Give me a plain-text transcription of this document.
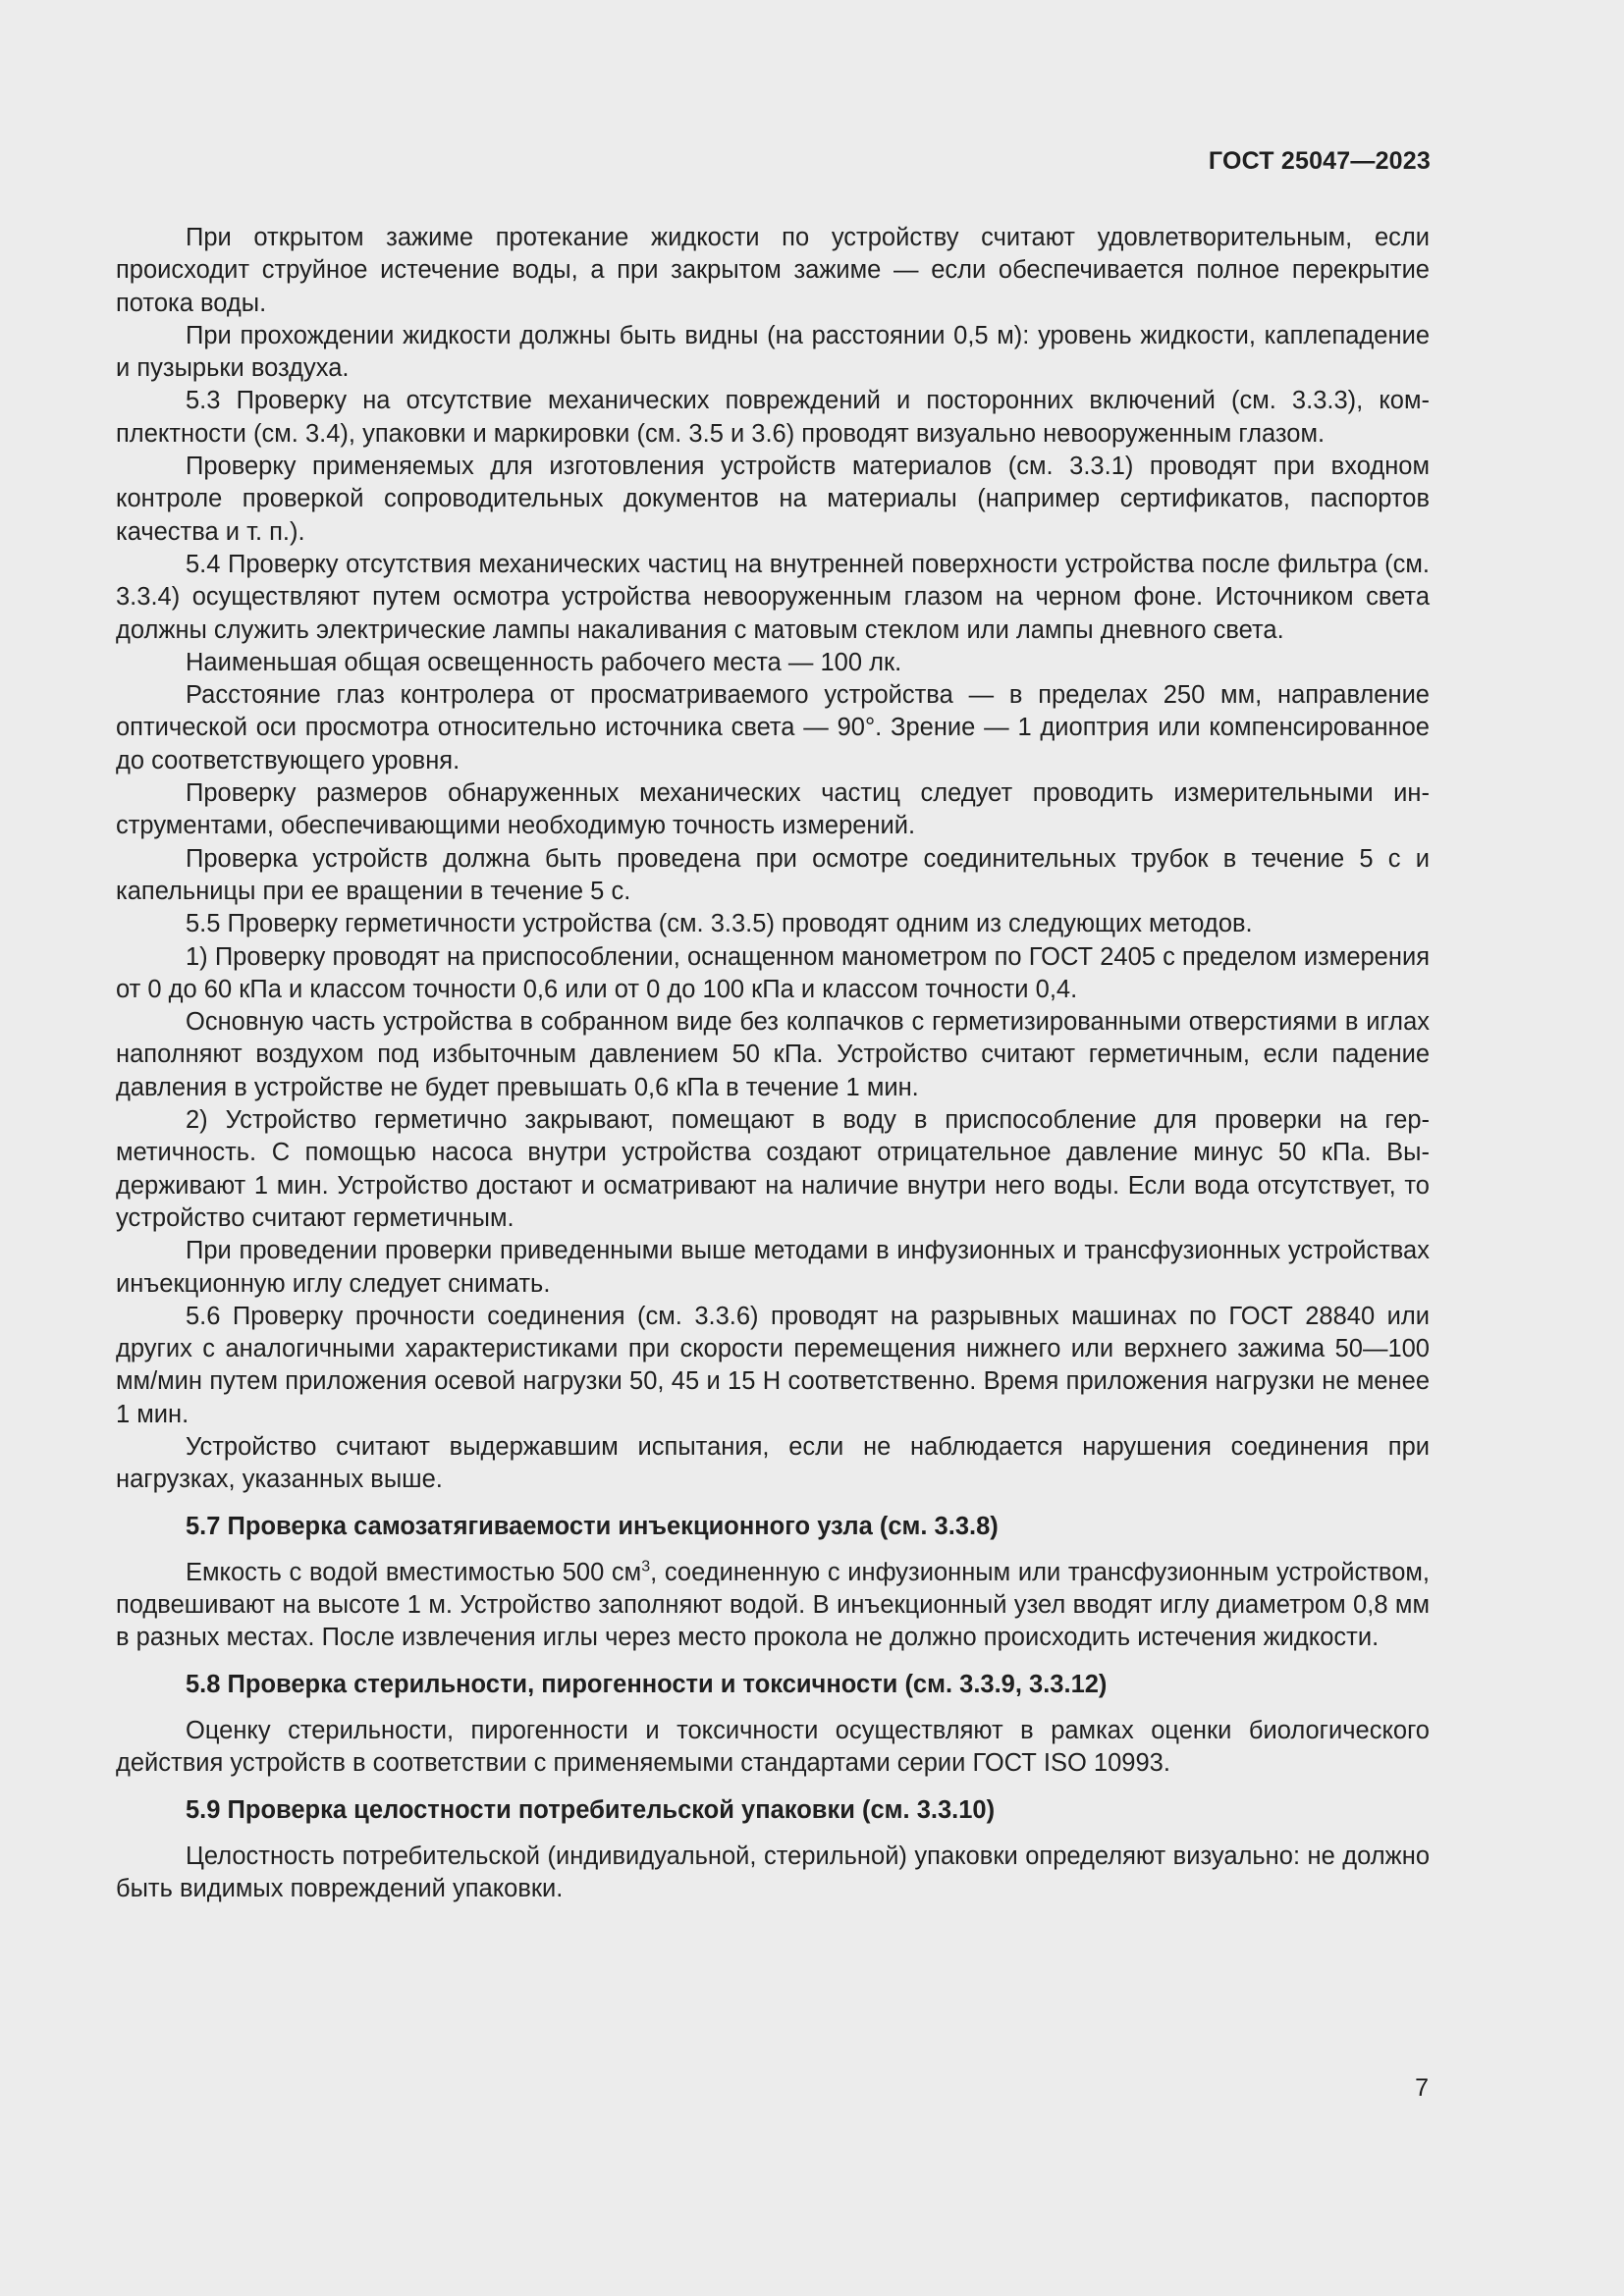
ГОСТ 25047—2023

При открытом зажиме протекание жидкости по устройству считают удовлетворительным, если происходит струйное истечение воды, а при закрытом зажиме — если обеспечивается полное перекрытие потока воды.

При прохождении жидкости должны быть видны (на расстоянии 0,5 м): уровень жидкости, каплепадение и пузырьки воздуха.

5.3 Проверку на отсутствие механических повреждений и посторонних включений (см. 3.3.3), комплектности (см. 3.4), упаковки и маркировки (см. 3.5 и 3.6) проводят визуально невооруженным глазом.

Проверку применяемых для изготовления устройств материалов (см. 3.3.1) проводят при входном контроле проверкой сопроводительных документов на материалы (например сертификатов, паспортов качества и т. п.).

5.4 Проверку отсутствия механических частиц на внутренней поверхности устройства после фильтра (см. 3.3.4) осуществляют путем осмотра устройства невооруженным глазом на черном фоне. Источником света должны служить электрические лампы накаливания с матовым стеклом или лампы дневного света.

Наименьшая общая освещенность рабочего места — 100 лк.

Расстояние глаз контролера от просматриваемого устройства — в пределах 250 мм, направление оптической оси просмотра относительно источника света — 90°. Зрение — 1 диоптрия или компенсированное до соответствующего уровня.

Проверку размеров обнаруженных механических частиц следует проводить измерительными инструментами, обеспечивающими необходимую точность измерений.

Проверка устройств должна быть проведена при осмотре соединительных трубок в течение 5 с и капельницы при ее вращении в течение 5 с.

5.5 Проверку герметичности устройства (см. 3.3.5) проводят одним из следующих методов.

1) Проверку проводят на приспособлении, оснащенном манометром по ГОСТ 2405 с пределом измерения от 0 до 60 кПа и классом точности 0,6 или от 0 до 100 кПа и классом точности 0,4.

Основную часть устройства в собранном виде без колпачков с герметизированными отверстиями в иглах наполняют воздухом под избыточным давлением 50 кПа. Устройство считают герметичным, если падение давления в устройстве не будет превышать 0,6 кПа в течение 1 мин.

2) Устройство герметично закрывают, помещают в воду в приспособление для проверки на герметичность. С помощью насоса внутри устройства создают отрицательное давление минус 50 кПа. Выдерживают 1 мин. Устройство достают и осматривают на наличие внутри него воды. Если вода отсутствует, то устройство считают герметичным.

При проведении проверки приведенными выше методами в инфузионных и трансфузионных устройствах инъекционную иглу следует снимать.

5.6 Проверку прочности соединения (см. 3.3.6) проводят на разрывных машинах по ГОСТ 28840 или других с аналогичными характеристиками при скорости перемещения нижнего или верхнего зажима 50—100 мм/мин путем приложения осевой нагрузки 50, 45 и 15 Н соответственно. Время приложения нагрузки не менее 1 мин.

Устройство считают выдержавшим испытания, если не наблюдается нарушения соединения при нагрузках, указанных выше.

5.7 Проверка самозатягиваемости инъекционного узла (см. 3.3.8)

Емкость с водой вместимостью 500 $см^3$, соединенную с инфузионным или трансфузионным устройством, подвешивают на высоте 1 м. Устройство заполняют водой. В инъекционный узел вводят иглу диаметром 0,8 мм в разных местах. После извлечения иглы через место прокола не должно происходить истечения жидкости.

5.8 Проверка стерильности, пирогенности и токсичности (см. 3.3.9, 3.3.12)

Оценку стерильности, пирогенности и токсичности осуществляют в рамках оценки биологического действия устройств в соответствии с применяемыми стандартами серии ГОСТ ISO 10993.

5.9 Проверка целостности потребительской упаковки (см. 3.3.10)

Целостность потребительской (индивидуальной, стерильной) упаковки определяют визуально: не должно быть видимых повреждений упаковки.

7
